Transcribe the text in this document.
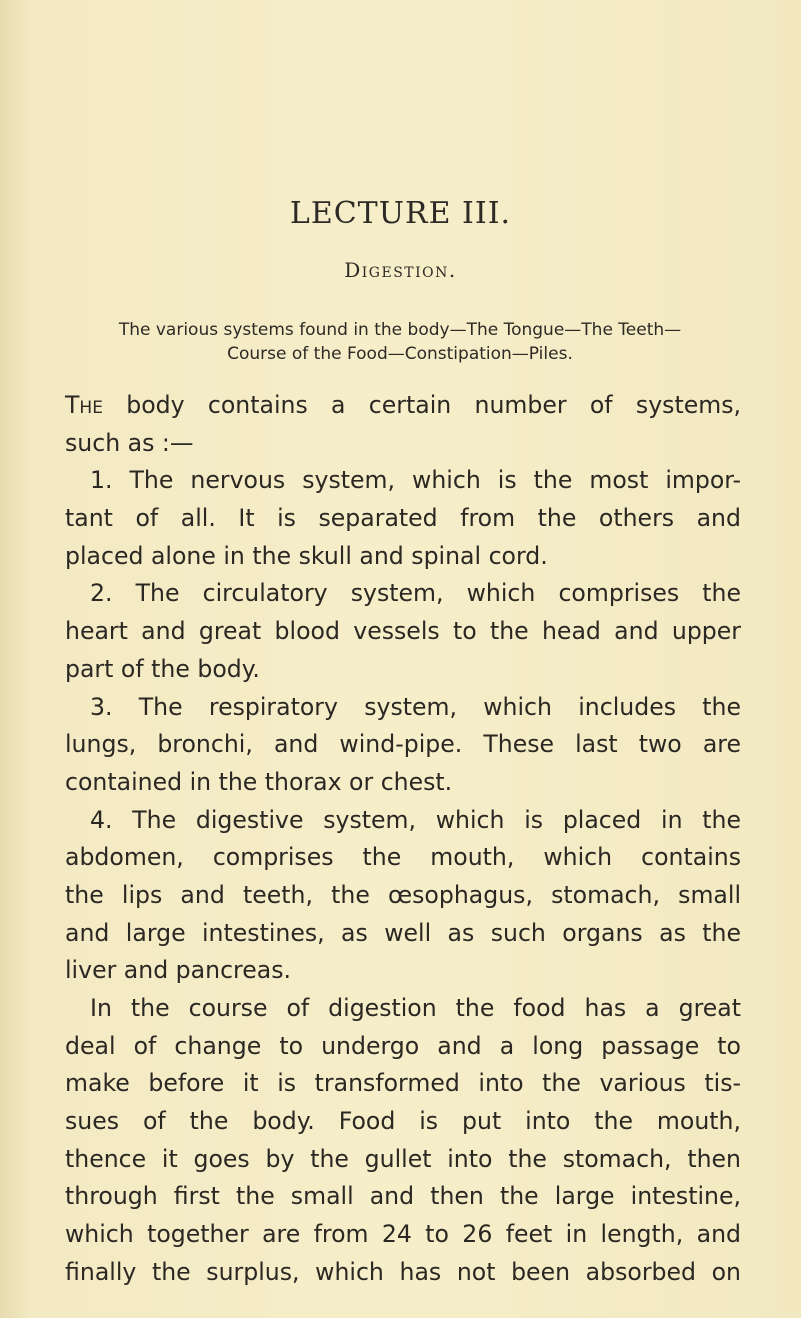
LECTURE III.
Digestion.
The various systems found in the body—The Tongue—The Teeth—
Course of the Food—Constipation—Piles.
The body contains a certain number of systems,
such as :—
1. The nervous system, which is the most impor-
tant of all. It is separated from the others and
placed alone in the skull and spinal cord.
2. The circulatory system, which comprises the
heart and great blood vessels to the head and upper
part of the body.
3. The respiratory system, which includes the
lungs, bronchi, and wind-pipe. These last two are
contained in the thorax or chest.
4. The digestive system, which is placed in the
abdomen, comprises the mouth, which contains
the lips and teeth, the œsophagus, stomach, small
and large intestines, as well as such organs as the
liver and pancreas.
In the course of digestion the food has a great
deal of change to undergo and a long passage to
make before it is transformed into the various tis-
sues of the body. Food is put into the mouth,
thence it goes by the gullet into the stomach, then
through first the small and then the large intestine,
which together are from 24 to 26 feet in length, and
finally the surplus, which has not been absorbed on
